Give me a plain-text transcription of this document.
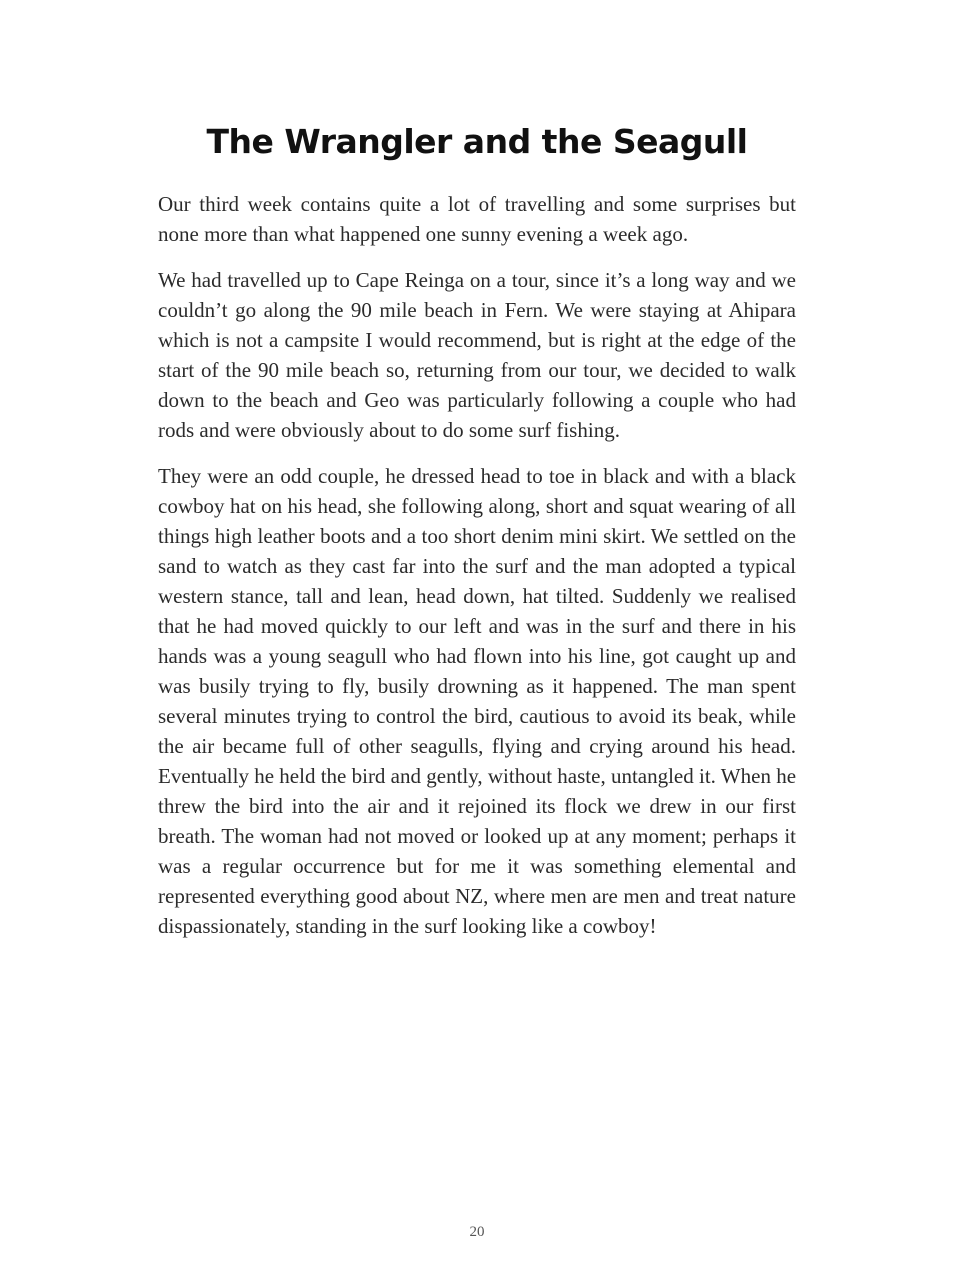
The Wrangler and the Seagull

Our third week contains quite a lot of travelling and some surprises but none more than what happened one sunny evening a week ago.

We had travelled up to Cape Reinga on a tour, since it’s a long way and we couldn’t go along the 90 mile beach in Fern. We were staying at Ahipara which is not a campsite I would recommend, but is right at the edge of the start of the 90 mile beach so, returning from our tour, we decided to walk down to the beach and Geo was particularly following a couple who had rods and were obviously about to do some surf fishing.

They were an odd couple, he dressed head to toe in black and with a black cowboy hat on his head, she following along, short and squat wearing of all things high leather boots and a too short denim mini skirt. We settled on the sand to watch as they cast far into the surf and the man adopted a typical western stance, tall and lean, head down, hat tilted. Suddenly we realised that he had moved quickly to our left and was in the surf and there in his hands was a young seagull who had flown into his line, got caught up and was busily trying to fly, busily drowning as it happened. The man spent several minutes trying to control the bird, cautious to avoid its beak, while the air became full of other seagulls, flying and crying around his head. Eventually he held the bird and gently, without haste, untangled it. When he threw the bird into the air and it rejoined its flock we drew in our first breath. The woman had not moved or looked up at any moment; perhaps it was a regular occurrence but for me it was something elemental and represented everything good about NZ, where men are men and treat nature dispassionately, standing in the surf looking like a cowboy!

20
